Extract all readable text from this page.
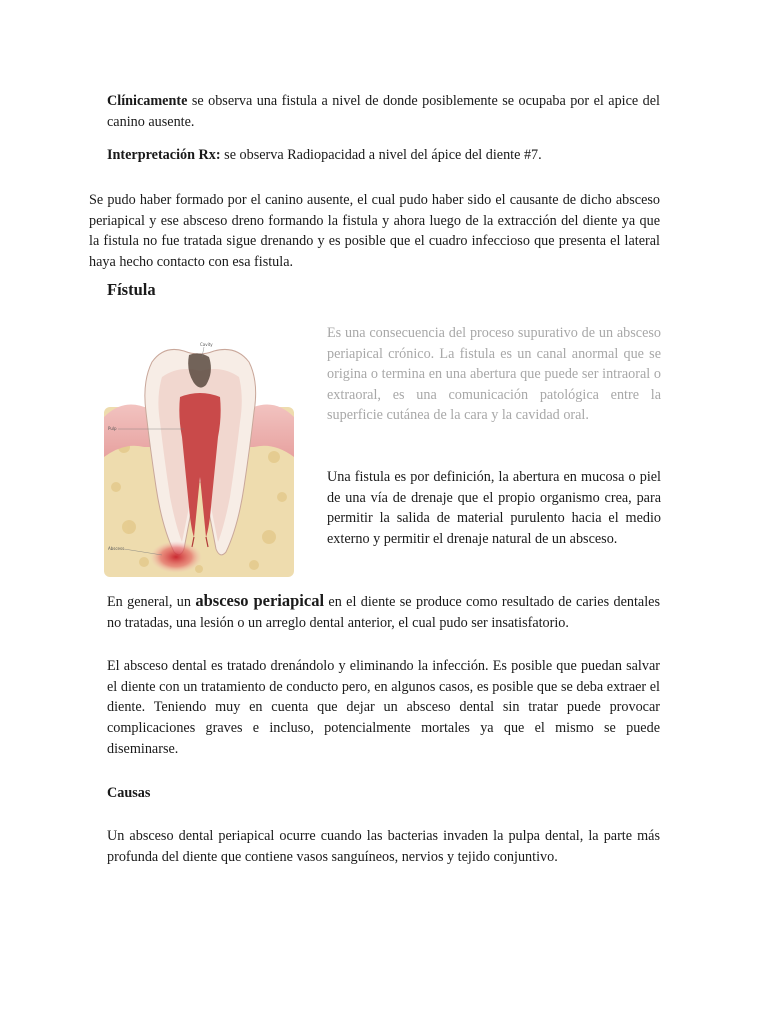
Clínicamente se observa una fistula a nivel de donde posiblemente se ocupaba por el apice del canino ausente.

Interpretación Rx: se observa Radiopacidad a nivel del ápice del diente #7.

Se pudo haber formado por el canino ausente, el cual pudo haber sido el causante de dicho absceso periapical y ese absceso dreno formando la fistula y ahora luego de la extracción del diente ya que la fistula no fue tratada sigue drenando y es posible que el cuadro infeccioso que presenta el lateral haya hecho contacto con esa fistula.

Fístula
Cavity
Pulp
Abscess

Es una consecuencia del proceso supurativo de un absceso periapical crónico. La fistula es un canal anormal que se origina o termina en una abertura que puede ser intraoral o extraoral, es una comunicación patológica entre la superficie cutánea de la cara y la cavidad oral.

Una fistula es por definición, la abertura en mucosa o piel de una vía de drenaje que el propio organismo crea, para permitir la salida de material purulento hacia el medio externo y permitir el drenaje natural de un absceso.

En general, un absceso periapical en el diente se produce como resultado de caries dentales no tratadas, una lesión o un arreglo dental anterior, el cual pudo ser insatisfatorio.

El absceso dental es tratado drenándolo y eliminando la infección. Es posible que puedan salvar el diente con un tratamiento de conducto pero, en algunos casos, es posible que se deba extraer el diente. Teniendo muy en cuenta que dejar un absceso dental sin tratar puede provocar complicaciones graves e incluso, potencialmente mortales ya que el mismo se puede diseminarse.

Causas

Un absceso dental periapical ocurre cuando las bacterias invaden la pulpa dental, la parte más profunda del diente que contiene vasos sanguíneos, nervios y tejido conjuntivo.
